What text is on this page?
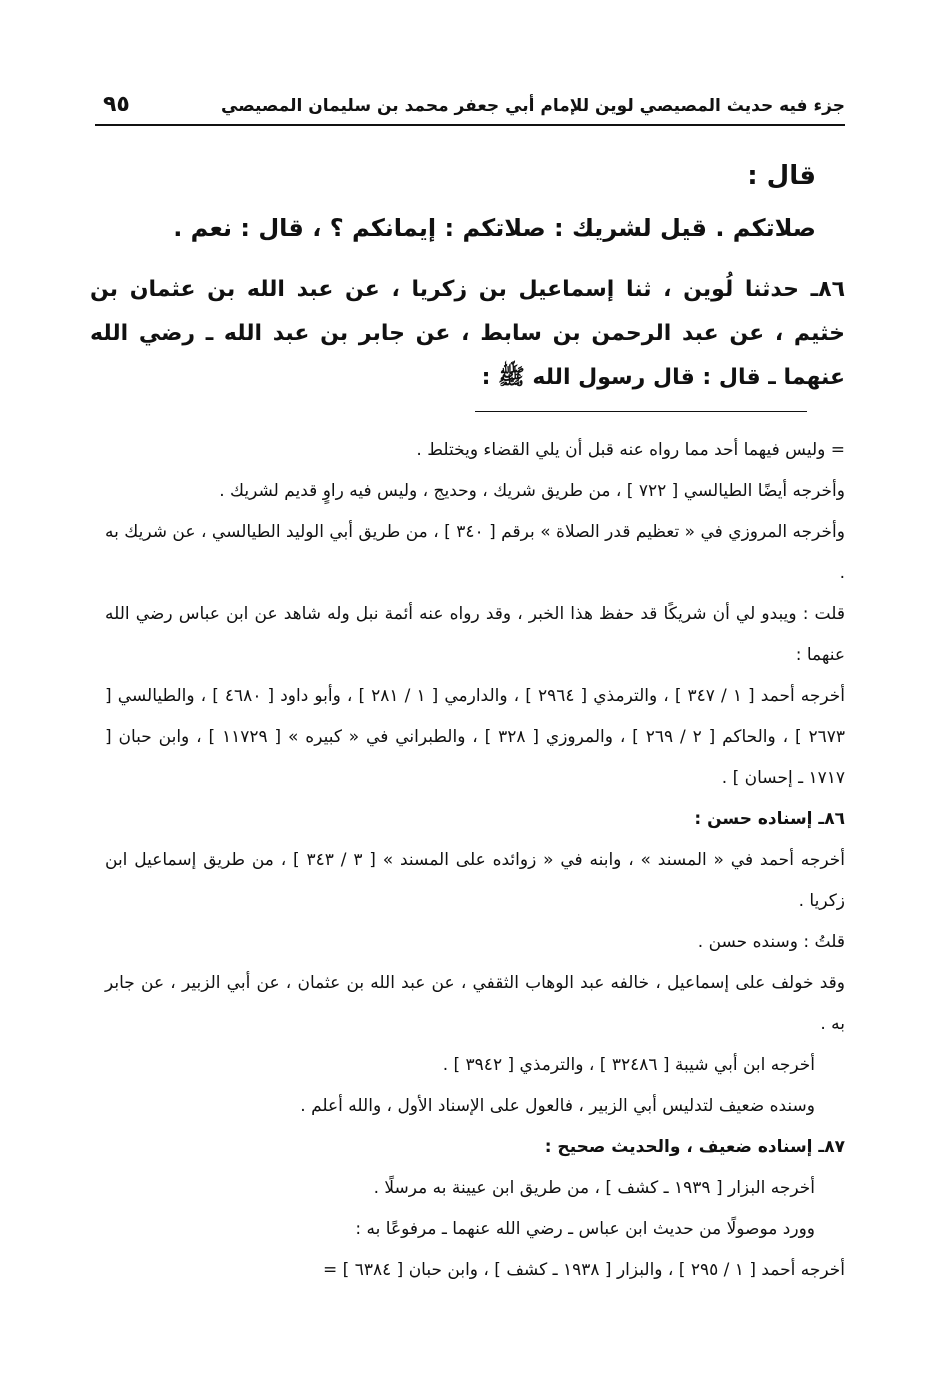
جزء فيه حديث المصيصي لوين للإمام أبي جعفر محمد بن سليمان المصيصي
٩٥

قال :

صلاتكم . قيل لشريك : صلاتكم : إيمانكم ؟ ، قال : نعم .

٨٦ـ حدثنا لُوين ، ثنا إسماعيل بن زكريا ، عن عبد الله بن عثمان بن خثيم ، عن عبد الرحمن بن سابط ، عن جابر بن عبد الله ـ رضي الله عنهما ـ قال : قال رسول الله ﷺ :

= وليس فيهما أحد مما رواه عنه قبل أن يلي القضاء ويختلط .

وأخرجه أيضًا الطيالسي [ ٧٢٢ ] ، من طريق شريك ، وحديج ، وليس فيه راوٍ قديم لشريك .

وأخرجه المروزي في « تعظيم قدر الصلاة » برقم [ ٣٤٠ ] ، من طريق أبي الوليد الطيالسي ، عن شريك به .

قلت : ويبدو لي أن شريكًا قد حفظ هذا الخبر ، وقد رواه عنه أئمة نبل وله شاهد عن ابن عباس رضي الله عنهما :

أخرجه أحمد [ ١ / ٣٤٧ ] ، والترمذي [ ٢٩٦٤ ] ، والدارمي [ ١ / ٢٨١ ] ، وأبو داود [ ٤٦٨٠ ] ، والطيالسي [ ٢٦٧٣ ] ، والحاكم [ ٢ / ٢٦٩ ] ، والمروزي [ ٣٢٨ ] ، والطبراني في « كبيره » [ ١١٧٢٩ ] ، وابن حبان [ ١٧١٧ ـ إحسان ] .

٨٦ـ إسناده حسن :

أخرجه أحمد في « المسند » ، وابنه في « زوائده على المسند » [ ٣ / ٣٤٣ ] ، من طريق إسماعيل ابن زكريا .

قلتُ : وسنده حسن .

وقد خولف على إسماعيل ، خالفه عبد الوهاب الثقفي ، عن عبد الله بن عثمان ، عن أبي الزبير ، عن جابر به .

أخرجه ابن أبي شيبة [ ٣٢٤٨٦ ] ، والترمذي [ ٣٩٤٢ ] .

وسنده ضعيف لتدليس أبي الزبير ، فالعول على الإسناد الأول ، والله أعلم .

٨٧ـ إسناده ضعيف ، والحديث صحيح :

أخرجه البزار [ ١٩٣٩ ـ كشف ] ، من طريق ابن عيينة به مرسلًا .

وورد موصولًا من حديث ابن عباس ـ رضي الله عنهما ـ مرفوعًا به :

أخرجه أحمد [ ١ / ٢٩٥ ] ، والبزار [ ١٩٣٨ ـ كشف ] ، وابن حبان [ ٦٣٨٤ ] =
